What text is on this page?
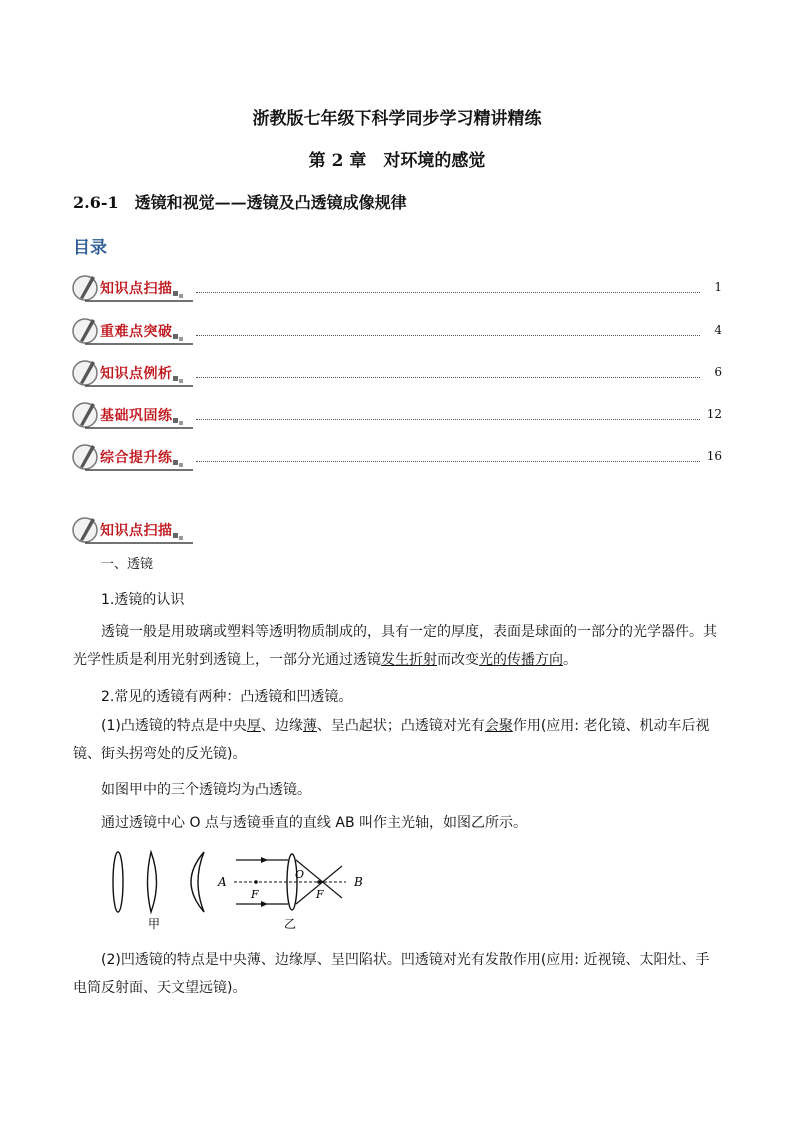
浙教版七年级下科学同步学习精讲精练
第 2 章　对环境的感觉
2.6-1　透镜和视觉——透镜及凸透镜成像规律
目录
知识点扫描	1
重难点突破	4
知识点例析	6
基础巩固练	12
综合提升练	16
知识点扫描
一、透镜
1.透镜的认识
透镜一般是用玻璃或塑料等透明物质制成的，具有一定的厚度，表面是球面的一部分的光学器件。其光学性质是利用光射到透镜上，一部分光通过透镜发生折射而改变光的传播方向。
2.常见的透镜有两种：凸透镜和凹透镜。
(1)凸透镜的特点是中央厚、边缘薄、呈凸起状；凸透镜对光有会聚作用(应用: 老化镜、机动车后视镜、街头拐弯处的反光镜)。
如图甲中的三个透镜均为凸透镜。
通过透镜中心 O 点与透镜垂直的直线 AB 叫作主光轴，如图乙所示。
甲
A	B
F	F
O
乙
(2)凹透镜的特点是中央薄、边缘厚、呈凹陷状。凹透镜对光有发散作用(应用: 近视镜、太阳灶、手电筒反射面、天文望远镜)。
